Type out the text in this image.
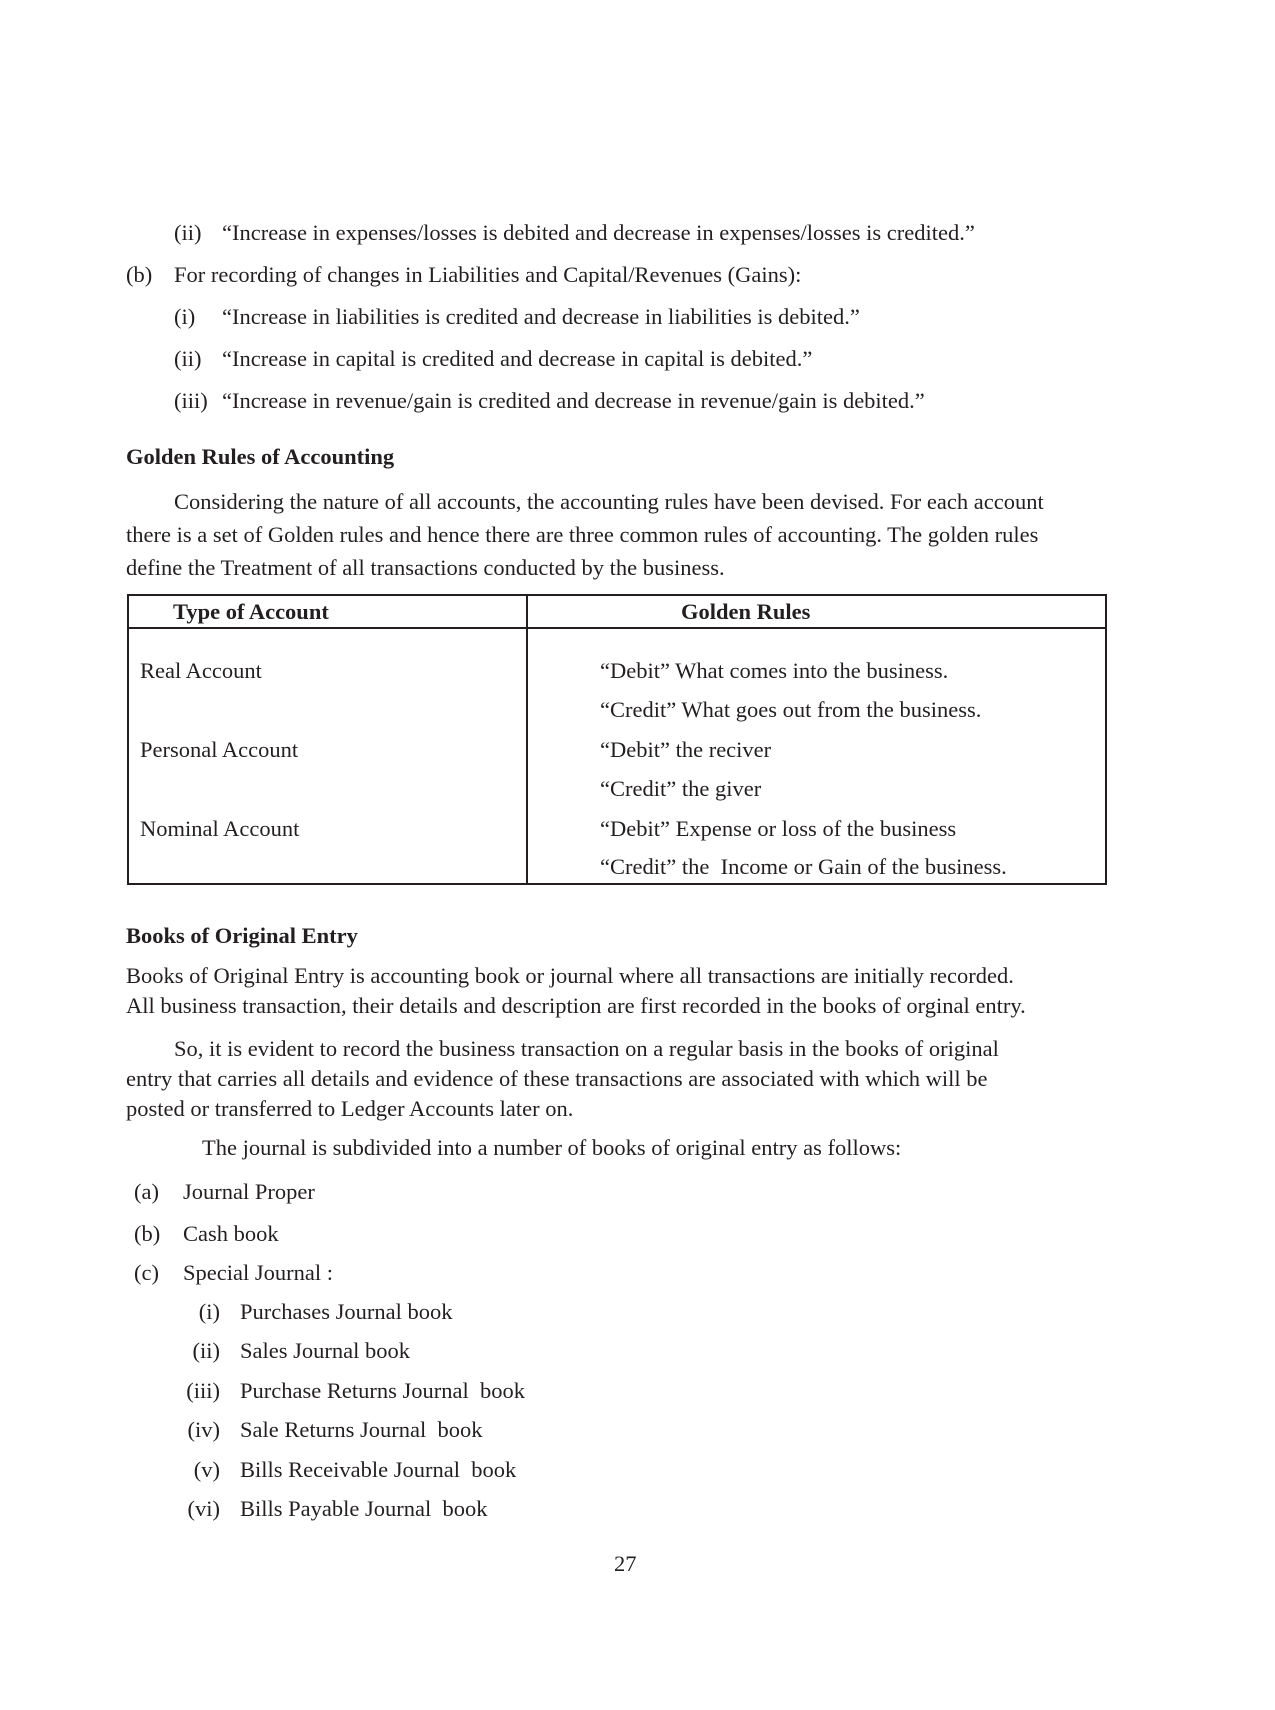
(ii) “Increase in expenses/losses is debited and decrease in expenses/losses is credited.”
(b) For recording of changes in Liabilities and Capital/Revenues (Gains):
(i) “Increase in liabilities is credited and decrease in liabilities is debited.”
(ii) “Increase in capital is credited and decrease in capital is debited.”
(iii) “Increase in revenue/gain is credited and decrease in revenue/gain is debited.”
Golden Rules of Accounting
Considering the nature of all accounts, the accounting rules have been devised. For each account
there is a set of Golden rules and hence there are three common rules of accounting. The golden rules
define the Treatment of all transactions conducted by the business.
Type of Account	Golden Rules
Real Account	“Debit” What comes into the business.
“Credit” What goes out from the business.
Personal Account	“Debit” the reciver
“Credit” the giver
Nominal Account	“Debit” Expense or loss of the business
“Credit” the  Income or Gain of the business.
Books of Original Entry
Books of Original Entry is accounting book or journal where all transactions are initially recorded.
All business transaction, their details and description are first recorded in the books of orginal entry.
So, it is evident to record the business transaction on a regular basis in the books of original
entry that carries all details and evidence of these transactions are associated with which will be
posted or transferred to Ledger Accounts later on.
The journal is subdivided into a number of books of original entry as follows:
(a) Journal Proper
(b) Cash book
(c) Special Journal :
(i) Purchases Journal book
(ii) Sales Journal book
(iii) Purchase Returns Journal  book
(iv) Sale Returns Journal  book
(v) Bills Receivable Journal  book
(vi) Bills Payable Journal  book
27
